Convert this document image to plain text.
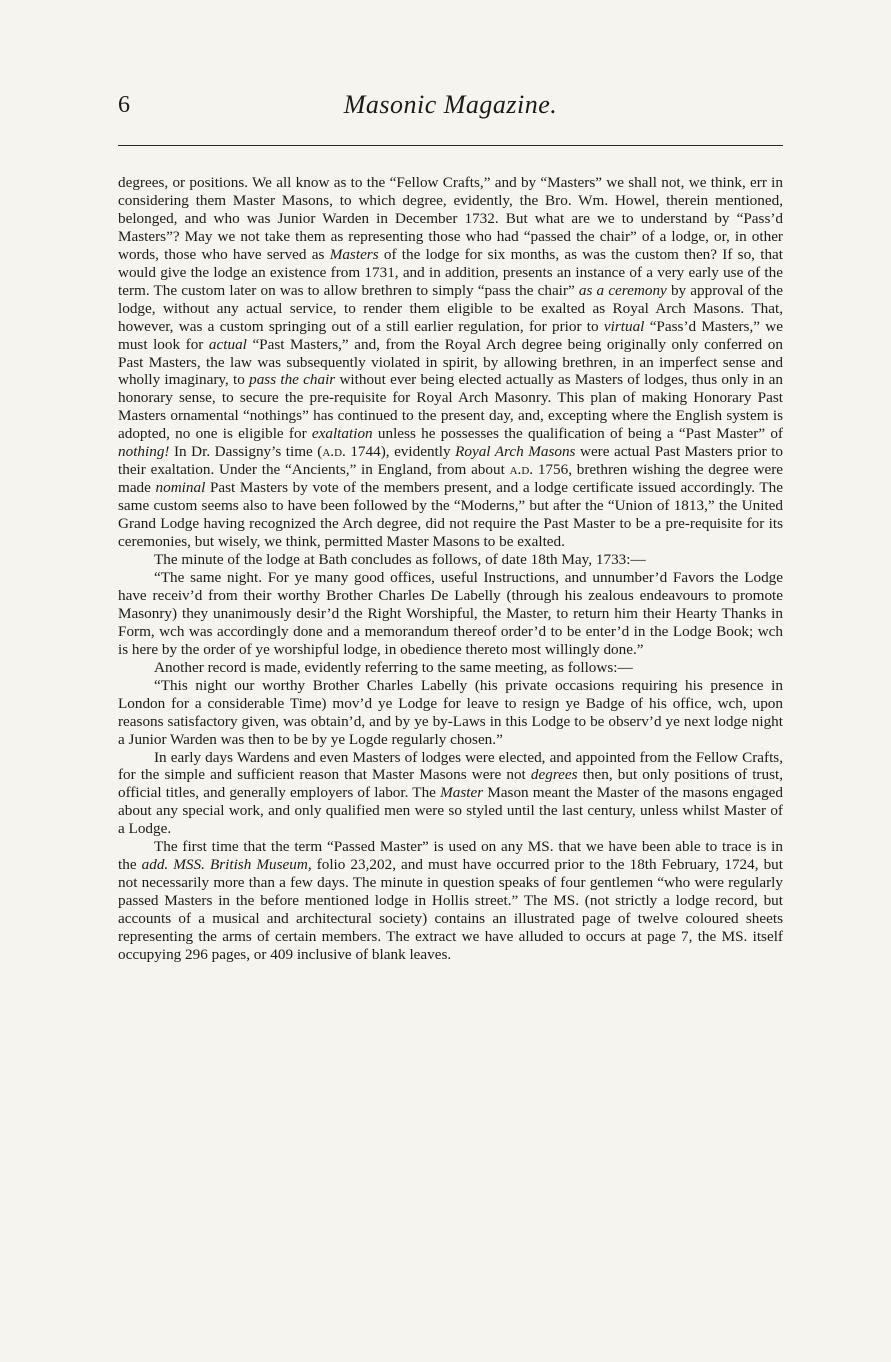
6	Masonic Magazine.

degrees, or positions. We all know as to the “Fellow Crafts,” and by “Masters” we shall not, we think, err in considering them Master Masons, to which degree, evidently, the Bro. Wm. Howel, therein mentioned, belonged, and who was Junior Warden in December 1732. But what are we to understand by “Pass’d Masters”? May we not take them as representing those who had “passed the chair” of a lodge, or, in other words, those who have served as Masters of the lodge for six months, as was the custom then? If so, that would give the lodge an existence from 1731, and in addition, presents an instance of a very early use of the term. The custom later on was to allow brethren to simply “pass the chair” as a ceremony by approval of the lodge, without any actual service, to render them eligible to be exalted as Royal Arch Masons. That, however, was a custom springing out of a still earlier regulation, for prior to virtual “Pass’d Masters,” we must look for actual “Past Masters,” and, from the Royal Arch degree being originally only conferred on Past Masters, the law was subsequently violated in spirit, by allowing brethren, in an imperfect sense and wholly imaginary, to pass the chair without ever being elected actually as Masters of lodges, thus only in an honorary sense, to secure the pre-requisite for Royal Arch Masonry. This plan of making Honorary Past Masters ornamental “nothings” has continued to the present day, and, excepting where the English system is adopted, no one is eligible for exaltation unless he possesses the qualification of being a “Past Master” of nothing! In Dr. Dassigny’s time (a.d. 1744), evidently Royal Arch Masons were actual Past Masters prior to their exaltation. Under the “Ancients,” in England, from about a.d. 1756, brethren wishing the degree were made nominal Past Masters by vote of the members present, and a lodge certificate issued accordingly. The same custom seems also to have been followed by the “Moderns,” but after the “Union of 1813,” the United Grand Lodge having recognized the Arch degree, did not require the Past Master to be a pre-requisite for its ceremonies, but wisely, we think, permitted Master Masons to be exalted.

The minute of the lodge at Bath concludes as follows, of date 18th May, 1733:—

“The same night. For ye many good offices, useful Instructions, and unnumber’d Favors the Lodge have receiv’d from their worthy Brother Charles De Labelly (through his zealous endeavours to promote Masonry) they unanimously desir’d the Right Worshipful, the Master, to return him their Hearty Thanks in Form, wch was accordingly done and a memorandum thereof order’d to be enter’d in the Lodge Book; wch is here by the order of ye worshipful lodge, in obedience thereto most willingly done.”

Another record is made, evidently referring to the same meeting, as follows:—

“This night our worthy Brother Charles Labelly (his private occasions requiring his presence in London for a considerable Time) mov’d ye Lodge for leave to resign ye Badge of his office, wch, upon reasons satisfactory given, was obtain’d, and by ye by-Laws in this Lodge to be observ’d ye next lodge night a Junior Warden was then to be by ye Logde regularly chosen.”

In early days Wardens and even Masters of lodges were elected, and appointed from the Fellow Crafts, for the simple and sufficient reason that Master Masons were not degrees then, but only positions of trust, official titles, and generally employers of labor. The Master Mason meant the Master of the masons engaged about any special work, and only qualified men were so styled until the last century, unless whilst Master of a Lodge.

The first time that the term “Passed Master” is used on any MS. that we have been able to trace is in the add. MSS. British Museum, folio 23,202, and must have occurred prior to the 18th February, 1724, but not necessarily more than a few days. The minute in question speaks of four gentlemen “who were regularly passed Masters in the before mentioned lodge in Hollis street.” The MS. (not strictly a lodge record, but accounts of a musical and architectural society) contains an illustrated page of twelve coloured sheets representing the arms of certain members. The extract we have alluded to occurs at page 7, the MS. itself occupying 296 pages, or 409 inclusive of blank leaves.
